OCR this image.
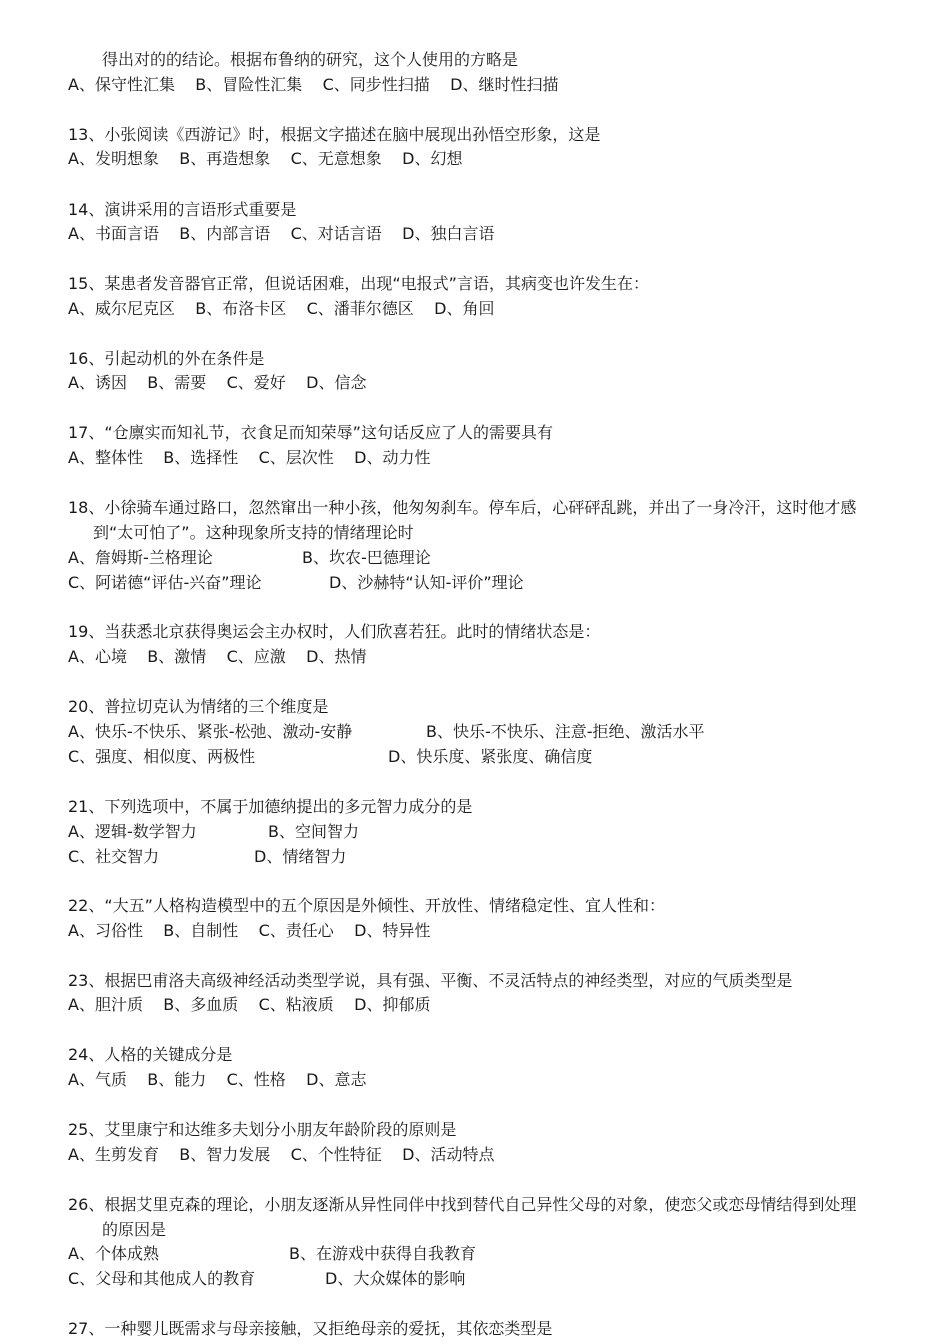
得出对的的结论。根据布鲁纳的研究，这个人使用的方略是
A、保守性汇集    B、冒险性汇集    C、同步性扫描    D、继时性扫描
13、小张阅读《西游记》时，根据文字描述在脑中展现出孙悟空形象，这是
A、发明想象    B、再造想象    C、无意想象    D、幻想
14、演讲采用的言语形式重要是
A、书面言语    B、内部言语    C、对话言语    D、独白言语
15、某患者发音器官正常，但说话困难，出现“电报式”言语，其病变也许发生在：
A、威尔尼克区    B、布洛卡区    C、潘菲尔德区    D、角回
16、引起动机的外在条件是
A、诱因    B、需要    C、爱好    D、信念
17、“仓廪实而知礼节，衣食足而知荣辱”这句话反应了人的需要具有
A、整体性    B、选择性    C、层次性    D、动力性
18、小徐骑车通过路口，忽然窜出一种小孩，他匆匆刹车。停车后，心砰砰乱跳，并出了一身冷汗，这时他才感
到“太可怕了”。这种现象所支持的情绪理论时
A、詹姆斯-兰格理论	B、坎农-巴德理论
C、阿诺德“评估-兴奋”理论	D、沙赫特“认知-评价”理论
19、当获悉北京获得奥运会主办权时，人们欣喜若狂。此时的情绪状态是：
A、心境    B、激情    C、应激    D、热情
20、普拉切克认为情绪的三个维度是
A、快乐-不快乐、紧张-松弛、激动-安静	B、快乐-不快乐、注意-拒绝、激活水平
C、强度、相似度、两极性	D、快乐度、紧张度、确信度
21、下列选项中，不属于加德纳提出的多元智力成分的是
A、逻辑-数学智力	B、空间智力
C、社交智力	D、情绪智力
22、“大五”人格构造模型中的五个原因是外倾性、开放性、情绪稳定性、宜人性和：
A、习俗性    B、自制性    C、责任心    D、特异性
23、根据巴甫洛夫高级神经活动类型学说，具有强、平衡、不灵活特点的神经类型，对应的气质类型是
A、胆汁质    B、多血质    C、粘液质    D、抑郁质
24、人格的关键成分是
A、气质    B、能力    C、性格    D、意志
25、艾里康宁和达维多夫划分小朋友年龄阶段的原则是
A、生剪发育    B、智力发展    C、个性特征    D、活动特点
26、根据艾里克森的理论，小朋友逐渐从异性同伴中找到替代自己异性父母的对象，使恋父或恋母情结得到处理
的原因是
A、个体成熟	B、在游戏中获得自我教育
C、父母和其他成人的教育	D、大众媒体的影响
27、一种婴儿既需求与母亲接触，又拒绝母亲的爱抚，其依恋类型是
